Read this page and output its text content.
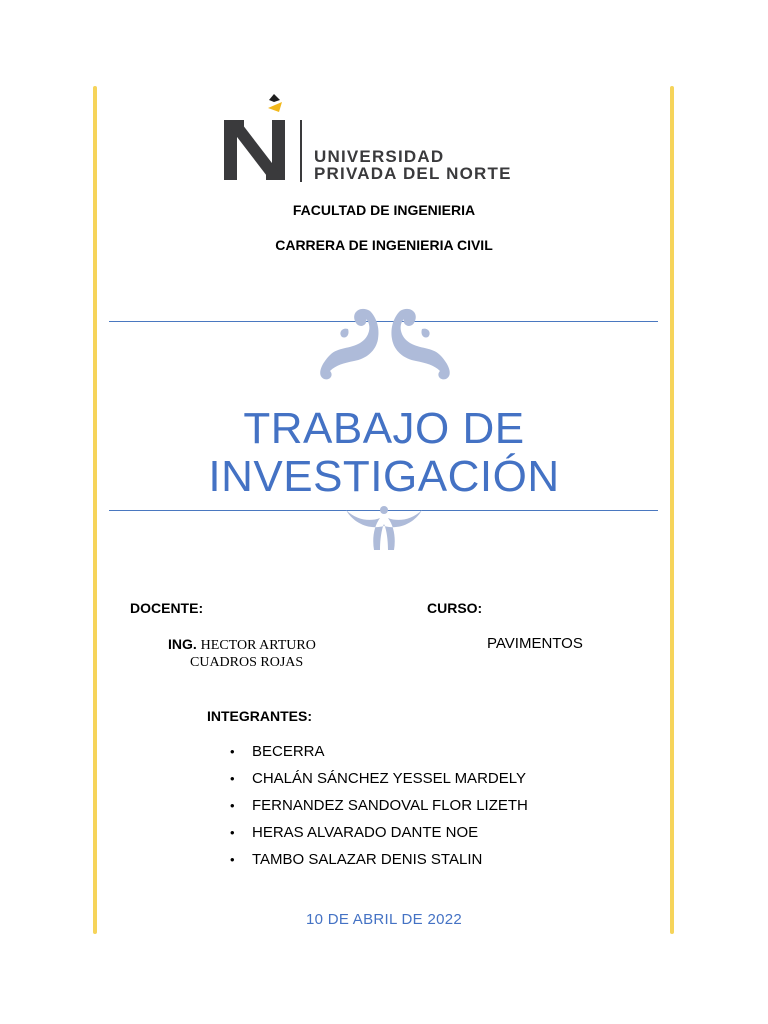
UNIVERSIDAD
PRIVADA DEL NORTE
FACULTAD DE INGENIERIA
CARRERA DE INGENIERIA CIVIL
TRABAJO DE
INVESTIGACIÓN
DOCENTE:	CURSO:
ING. HECTOR ARTURO
CUADROS ROJAS
PAVIMENTOS
INTEGRANTES:
• BECERRA
• CHALÁN SÁNCHEZ YESSEL MARDELY
• FERNANDEZ SANDOVAL FLOR LIZETH
• HERAS ALVARADO DANTE NOE
• TAMBO SALAZAR DENIS STALIN
10 DE ABRIL DE 2022
